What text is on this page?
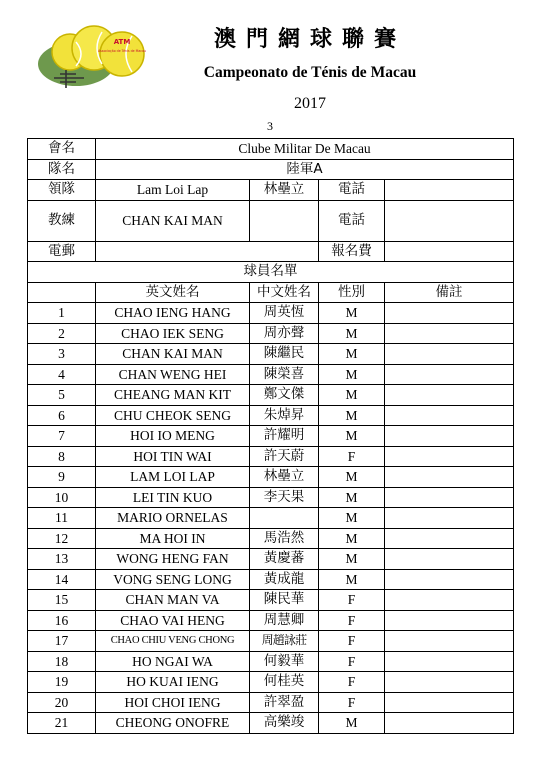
ATM
Associação de Ténis de Macau	澳門網球聯賽
Campeonato de Ténis de Macau
2017
3
會名	Clube Militar De Macau			
隊名	陸軍A			
領隊	Lam Loi Lap	林壘立	電話	
教練	CHAN KAI MAN		電話	
電郵			報名費	
球員名單				
	英文姓名	中文姓名	性別	備註
1	CHAO IENG HANG	周英恆	M	
2	CHAO IEK SENG	周亦聲	M	
3	CHAN KAI MAN	陳繼民	M	
4	CHAN WENG HEI	陳榮喜	M	
5	CHEANG MAN KIT	鄭文傑	M	
6	CHU CHEOK SENG	朱焯昇	M	
7	HOI IO MENG	許耀明	M	
8	HOI TIN WAI	許天蔚	F	
9	LAM LOI LAP	林壘立	M	
10	LEI TIN KUO	李天果	M	
11	MARIO ORNELAS		M	
12	MA HOI IN	馬浩然	M	
13	WONG HENG FAN	黃慶蕃	M	
14	VONG SENG LONG	黃成龍	M	
15	CHAN MAN VA	陳民華	F	
16	CHAO VAI HENG	周慧卿	F	
17	CHAO CHIU VENG CHONG	周趙詠莊	F	
18	HO NGAI WA	何毅華	F	
19	HO KUAI IENG	何桂英	F	
20	HOI CHOI IENG	許翠盈	F	
21	CHEONG ONOFRE	高樂竣	M	
